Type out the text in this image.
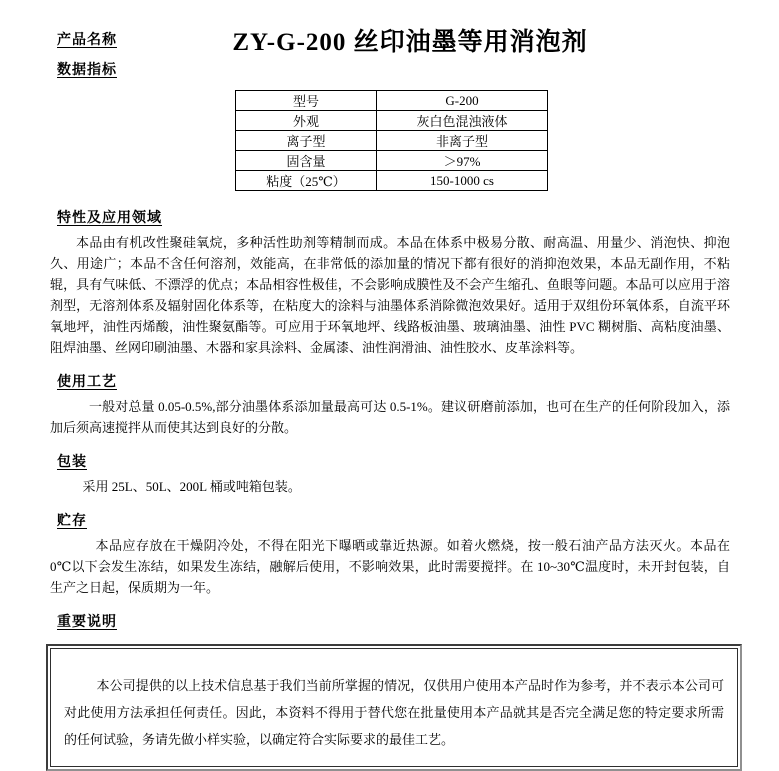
产品名称	ZY-G-200 丝印油墨等用消泡剂
数据指标
型号	G-200
外观	灰白色混浊液体
离子型	非离子型
固含量	＞97%
粘度（25℃）	150-1000 cs
特性及应用领域
本品由有机改性聚硅氧烷，多种活性助剂等精制而成。本品在体系中极易分散、耐高温、用量少、消泡快、抑泡久、用途广；本品不含任何溶剂，效能高，在非常低的添加量的情况下都有很好的消抑泡效果，本品无副作用，不粘辊，具有气味低、不漂浮的优点；本品相容性极佳，不会影响成膜性及不会产生缩孔、鱼眼等问题。本品可以应用于溶剂型，无溶剂体系及辐射固化体系等，在粘度大的涂料与油墨体系消除微泡效果好。适用于双组份环氧体系，自流平环氧地坪，油性丙烯酸，油性聚氨酯等。可应用于环氧地坪、线路板油墨、玻璃油墨、油性 PVC 糊树脂、高粘度油墨、阻焊油墨、丝网印刷油墨、木器和家具涂料、金属漆、油性润滑油、油性胶水、皮革涂料等。
使用工艺
一般对总量 0.05-0.5%,部分油墨体系添加量最高可达 0.5-1%。建议研磨前添加，也可在生产的任何阶段加入，添加后须高速搅拌从而使其达到良好的分散。
包装
采用 25L、50L、200L 桶或吨箱包装。
贮存
本品应存放在干燥阴冷处，不得在阳光下曝晒或靠近热源。如着火燃烧，按一般石油产品方法灭火。本品在 0℃以下会发生冻结，如果发生冻结，融解后使用，不影响效果，此时需要搅拌。在 10~30℃温度时，未开封包装，自生产之日起，保质期为一年。
重要说明
本公司提供的以上技术信息基于我们当前所掌握的情况，仅供用户使用本产品时作为参考，并不表示本公司可对此使用方法承担任何责任。因此，本资料不得用于替代您在批量使用本产品就其是否完全满足您的特定要求所需的任何试验，务请先做小样实验，以确定符合实际要求的最佳工艺。
